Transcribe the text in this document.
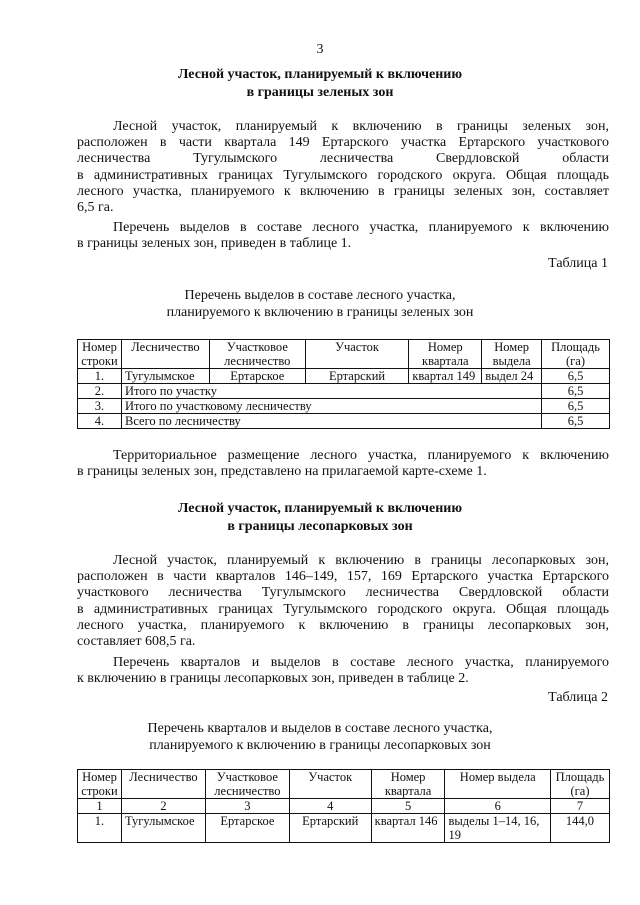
3
Лесной участок, планируемый к включению
в границы зеленых зон
Лесной участок, планируемый к включению в границы зеленых зон,
расположен в части квартала 149 Ертарского участка Ертарского участкового
лесничества Тугулымского лесничества Свердловской области
в административных границах Тугулымского городского округа. Общая площадь
лесного участка, планируемого к включению в границы зеленых зон, составляет
6,5 га.
Перечень выделов в составе лесного участка, планируемого к включению
в границы зеленых зон, приведен в таблице 1.
Таблица 1
Перечень выделов в составе лесного участка,
планируемого к включению в границы зеленых зон
Номер строки	Лесничество	Участковое лесничество	Участок	Номер квартала	Номер выдела	Площадь (га)
1.	Тугулымское	Ертарское	Ертарский	квартал 149	выдел 24	6,5
2.	Итого по участку					6,5
3.	Итого по участковому лесничеству					6,5
4.	Всего по лесничеству					6,5
Территориальное размещение лесного участка, планируемого к включению
в границы зеленых зон, представлено на прилагаемой карте-схеме 1.
Лесной участок, планируемый к включению
в границы лесопарковых зон
Лесной участок, планируемый к включению в границы лесопарковых зон,
расположен в части кварталов 146–149, 157, 169 Ертарского участка Ертарского
участкового лесничества Тугулымского лесничества Свердловской области
в административных границах Тугулымского городского округа. Общая площадь
лесного участка, планируемого к включению в границы лесопарковых зон,
составляет 608,5 га.
Перечень кварталов и выделов в составе лесного участка, планируемого
к включению в границы лесопарковых зон, приведен в таблице 2.
Таблица 2
Перечень кварталов и выделов в составе лесного участка,
планируемого к включению в границы лесопарковых зон
Номер строки	Лесничество	Участковое лесничество	Участок	Номер квартала	Номер выдела	Площадь (га)
1	2	3	4	5	6	7
1.	Тугулымское	Ертарское	Ертарский	квартал 146	выделы 1–14, 16, 19	144,0
